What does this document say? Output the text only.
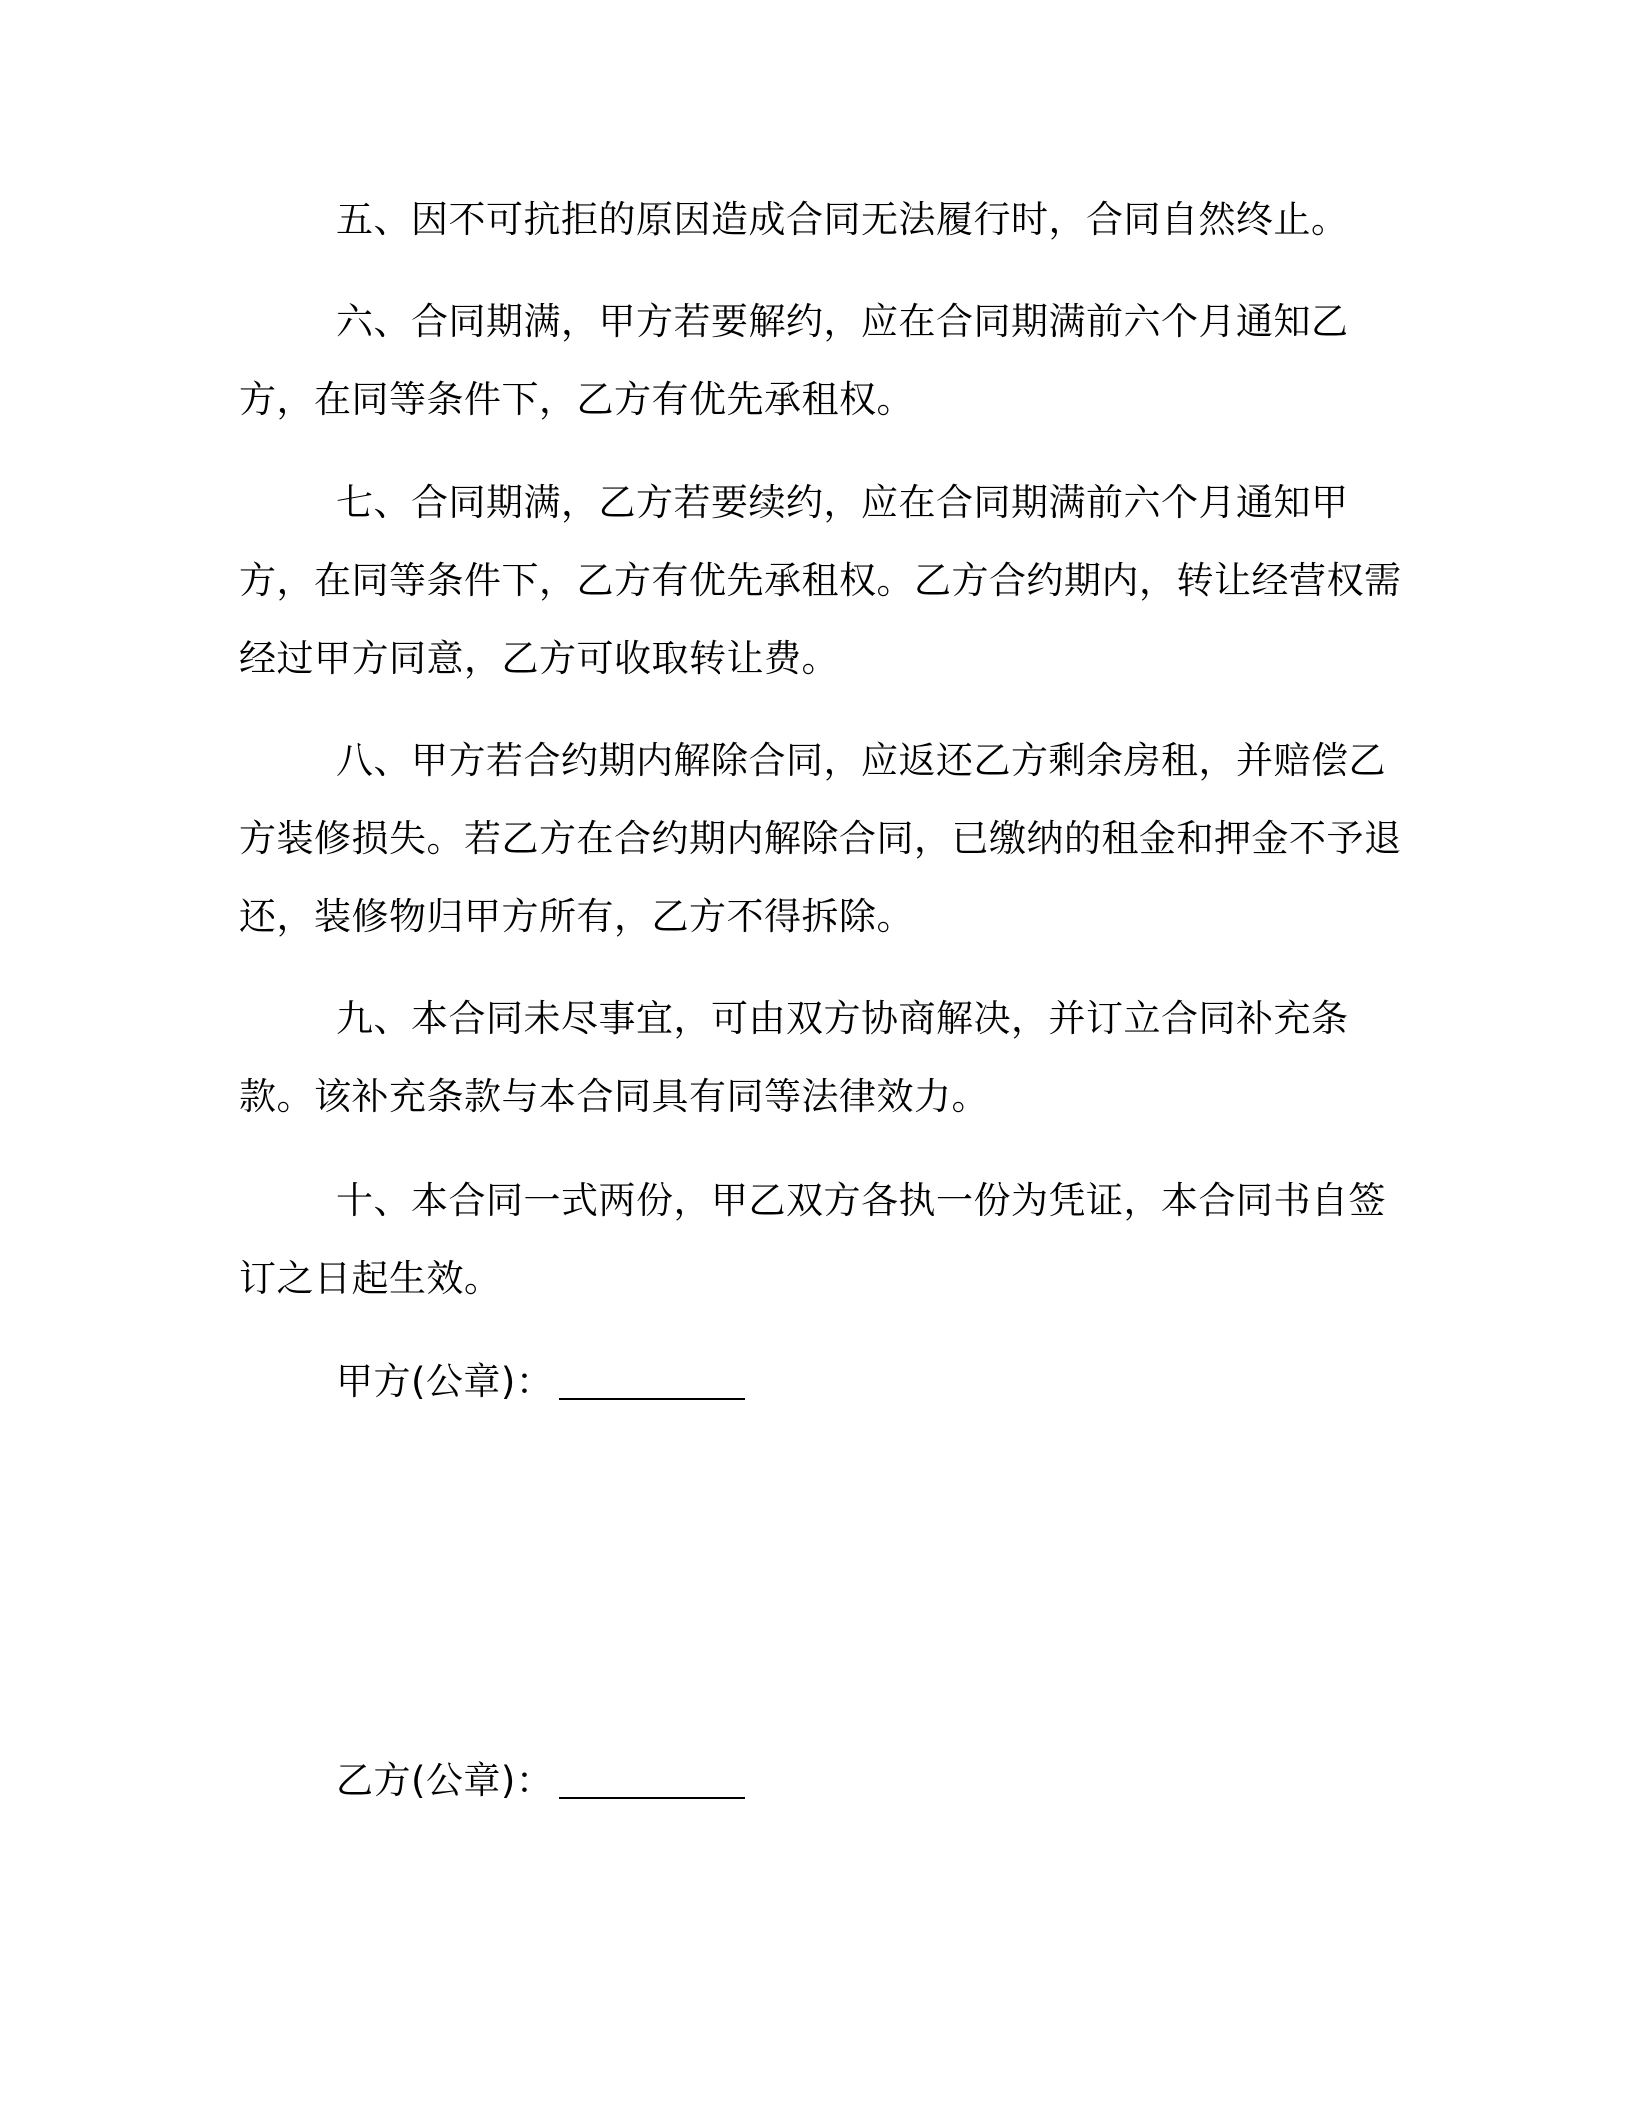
五、因不可抗拒的原因造成合同无法履行时，合同自然终止。

六、合同期满，甲方若要解约，应在合同期满前六个月通知乙方，在同等条件下，乙方有优先承租权。

七、合同期满，乙方若要续约，应在合同期满前六个月通知甲方，在同等条件下，乙方有优先承租权。乙方合约期内，转让经营权需经过甲方同意，乙方可收取转让费。

八、甲方若合约期内解除合同，应返还乙方剩余房租，并赔偿乙方装修损失。若乙方在合约期内解除合同，已缴纳的租金和押金不予退还，装修物归甲方所有，乙方不得拆除。

九、本合同未尽事宜，可由双方协商解决，并订立合同补充条款。该补充条款与本合同具有同等法律效力。

十、本合同一式两份，甲乙双方各执一份为凭证，本合同书自签订之日起生效。

甲方(公章)：

乙方(公章)：
